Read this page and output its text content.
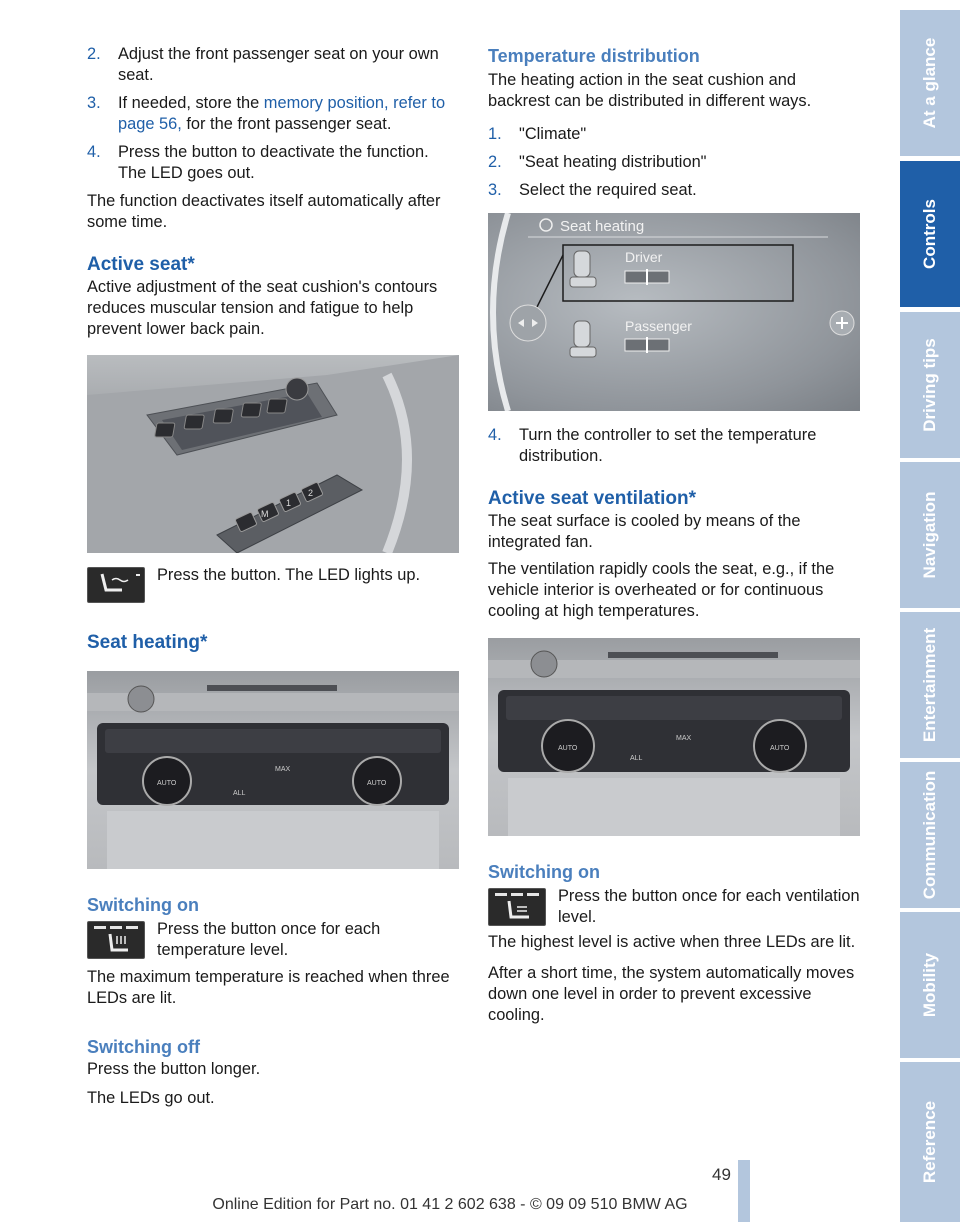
2. Adjust the front passenger seat on your own seat.
3. If needed, store the memory position, refer to page 56, for the front passenger seat.
4. Press the button to deactivate the function. The LED goes out.

The function deactivates itself automatically after some time.

Active seat*

Active adjustment of the seat cushion's contours reduces muscular tension and fatigue to help prevent lower back pain.

M
1
2

Press the button. The LED lights up.

Seat heating*
AUTO	AUTO
MAX
ALL
Switching on

Press the button once for each temperature level.

The maximum temperature is reached when three LEDs are lit.

Switching off

Press the button longer.

The LEDs go out.

Temperature distribution

The heating action in the seat cushion and backrest can be distributed in different ways.

1. "Climate"
2. "Seat heating distribution"
3. Select the required seat.
Seat heating
Driver
Passenger
4. Turn the controller to set the temperature distribution.
Active seat ventilation*

The seat surface is cooled by means of the integrated fan.

The ventilation rapidly cools the seat, e.g., if the vehicle interior is overheated or for continuous cooling at high temperatures.

AUTO	AUTO
MAX
ALL
Switching on

Press the button once for each ventilation level.

The highest level is active when three LEDs are lit.

After a short time, the system automatically moves down one level in order to prevent excessive cooling.

At a glance
Controls
Driving tips
Navigation
Entertainment
Communication
Mobility
Reference
49
Online Edition for Part no. 01 41 2 602 638 - © 09 09 510 BMW AG
